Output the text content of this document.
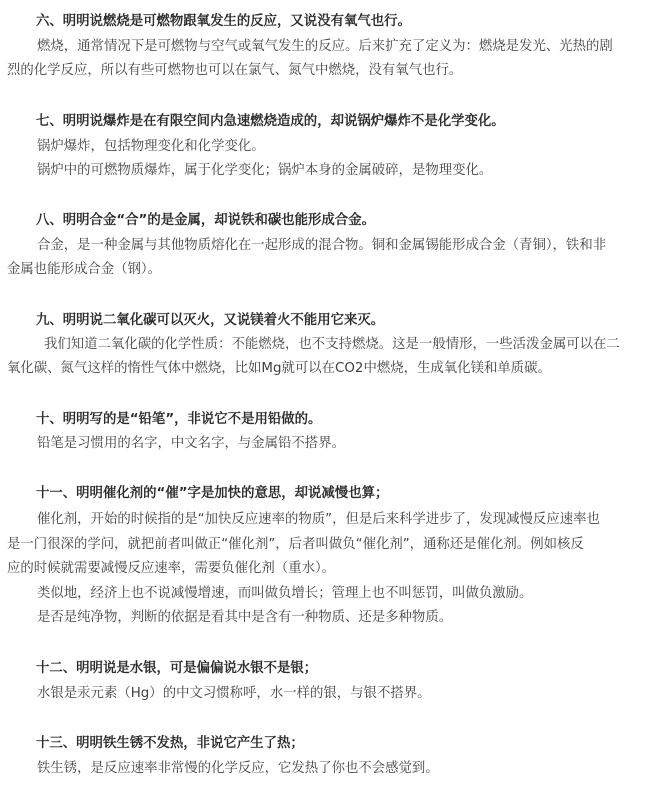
六、明明说燃烧是可燃物跟氧发生的反应，又说没有氧气也行。

燃烧，通常情况下是可燃物与空气或氧气发生的反应。后来扩充了定义为：燃烧是发光、光热的剧

烈的化学反应，所以有些可燃物也可以在氯气、氮气中燃烧，没有氧气也行。

七、明明说爆炸是在有限空间内急速燃烧造成的，却说锅炉爆炸不是化学变化。

锅炉爆炸，包括物理变化和化学变化。

锅炉中的可燃物质爆炸，属于化学变化；锅炉本身的金属破碎，是物理变化。

八、明明合金“合”的是金属，却说铁和碳也能形成合金。

合金，是一种金属与其他物质熔化在一起形成的混合物。铜和金属锡能形成合金（青铜），铁和非

金属也能形成合金（钢）。

九、明明说二氧化碳可以灭火，又说镁着火不能用它来灭。

我们知道二氧化碳的化学性质：不能燃烧，也不支持燃烧。这是一般情形，一些活泼金属可以在二

氧化碳、氮气这样的惰性气体中燃烧，比如Mg就可以在CO2中燃烧，生成氧化镁和单质碳。

十、明明写的是“铅笔”，非说它不是用铅做的。

铅笔是习惯用的名字，中文名字，与金属铅不搭界。

十一、明明催化剂的“催”字是加快的意思，却说减慢也算；

催化剂，开始的时候指的是“加快反应速率的物质”，但是后来科学进步了，发现减慢反应速率也

是一门很深的学问，就把前者叫做正“催化剂”，后者叫做负“催化剂”，通称还是催化剂。例如核反

应的时候就需要减慢反应速率，需要负催化剂（重水）。

类似地，经济上也不说减慢增速，而叫做负增长；管理上也不叫惩罚，叫做负激励。

是否是纯净物，判断的依据是看其中是含有一种物质、还是多种物质。

十二、明明说是水银，可是偏偏说水银不是银；

水银是汞元素（Hg）的中文习惯称呼，水一样的银，与银不搭界。

十三、明明铁生锈不发热，非说它产生了热；

铁生锈，是反应速率非常慢的化学反应，它发热了你也不会感觉到。
